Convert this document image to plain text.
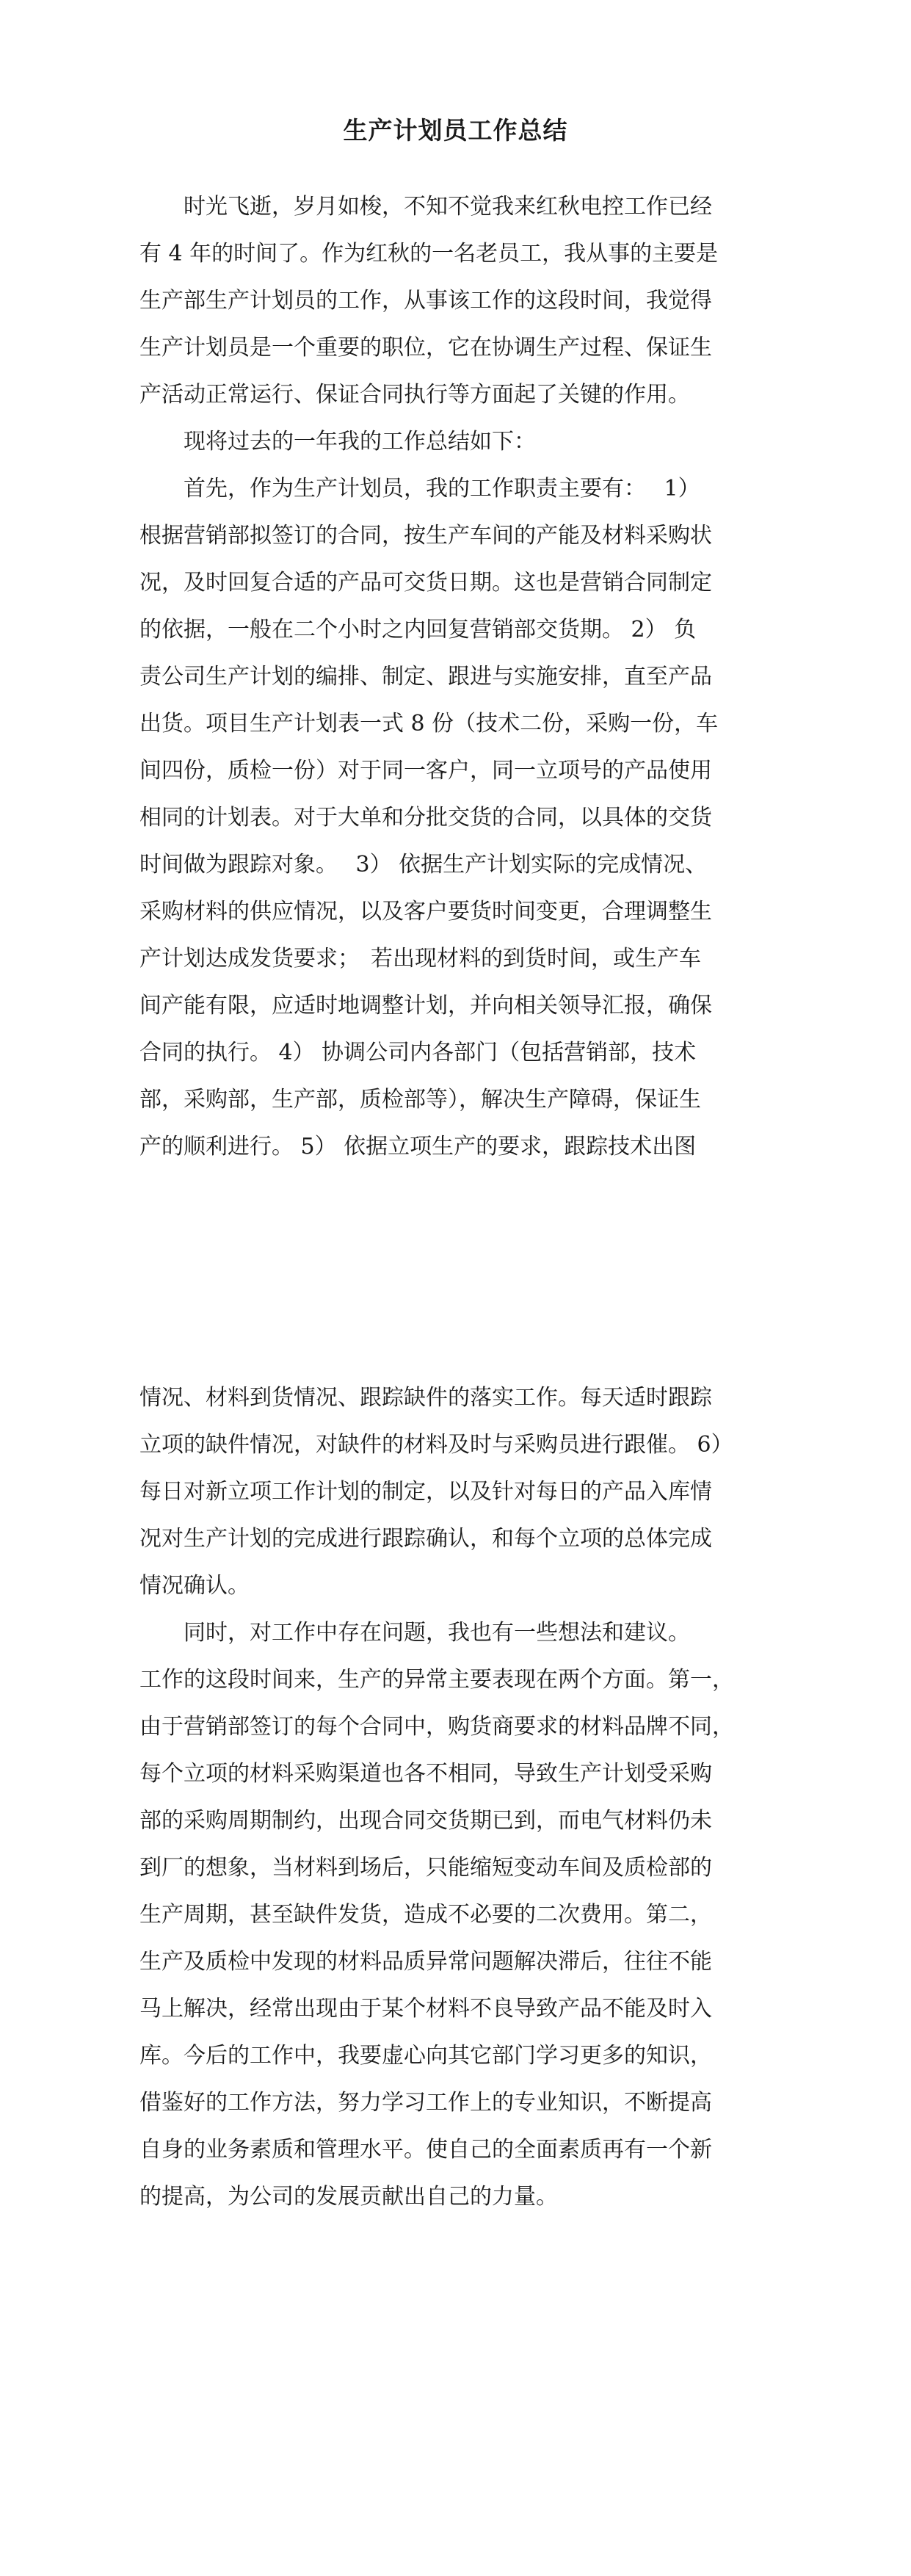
生产计划员工作总结
　　时光飞逝，岁月如梭，不知不觉我来红秋电控工作已经
有 4 年的时间了。作为红秋的一名老员工，我从事的主要是
生产部生产计划员的工作，从事该工作的这段时间，我觉得
生产计划员是一个重要的职位，它在协调生产过程、保证生
产活动正常运行、保证合同执行等方面起了关键的作用。
　　现将过去的一年我的工作总结如下：
　　首先，作为生产计划员，我的工作职责主要有：　 1）
根据营销部拟签订的合同，按生产车间的产能及材料采购状
况，及时回复合适的产品可交货日期。这也是营销合同制定
的依据，一般在二个小时之内回复营销部交货期。 2） 负
责公司生产计划的编排、制定、跟进与实施安排，直至产品
出货。项目生产计划表一式 8 份（技术二份，采购一份，车
间四份，质检一份）对于同一客户，同一立项号的产品使用
相同的计划表。对于大单和分批交货的合同，以具体的交货
时间做为跟踪对象。　 3） 依据生产计划实际的完成情况、
采购材料的供应情况，以及客户要货时间变更，合理调整生
产计划达成发货要求；　若出现材料的到货时间，或生产车
间产能有限，应适时地调整计划，并向相关领导汇报，确保
合同的执行。 4） 协调公司内各部门（包括营销部，技术
部，采购部，生产部，质检部等），解决生产障碍，保证生
产的顺利进行。 5） 依据立项生产的要求，跟踪技术出图
情况、材料到货情况、跟踪缺件的落实工作。每天适时跟踪
立项的缺件情况，对缺件的材料及时与采购员进行跟催。 6）
每日对新立项工作计划的制定，以及针对每日的产品入库情
况对生产计划的完成进行跟踪确认，和每个立项的总体完成
情况确认。
　　同时，对工作中存在问题，我也有一些想法和建议。
工作的这段时间来，生产的异常主要表现在两个方面。第一，
由于营销部签订的每个合同中，购货商要求的材料品牌不同，
每个立项的材料采购渠道也各不相同，导致生产计划受采购
部的采购周期制约，出现合同交货期已到，而电气材料仍未
到厂的想象，当材料到场后，只能缩短变动车间及质检部的
生产周期，甚至缺件发货，造成不必要的二次费用。第二，
生产及质检中发现的材料品质异常问题解决滞后，往往不能
马上解决，经常出现由于某个材料不良导致产品不能及时入
库。今后的工作中，我要虚心向其它部门学习更多的知识，
借鉴好的工作方法，努力学习工作上的专业知识，不断提高
自身的业务素质和管理水平。使自己的全面素质再有一个新
的提高，为公司的发展贡献出自己的力量。
